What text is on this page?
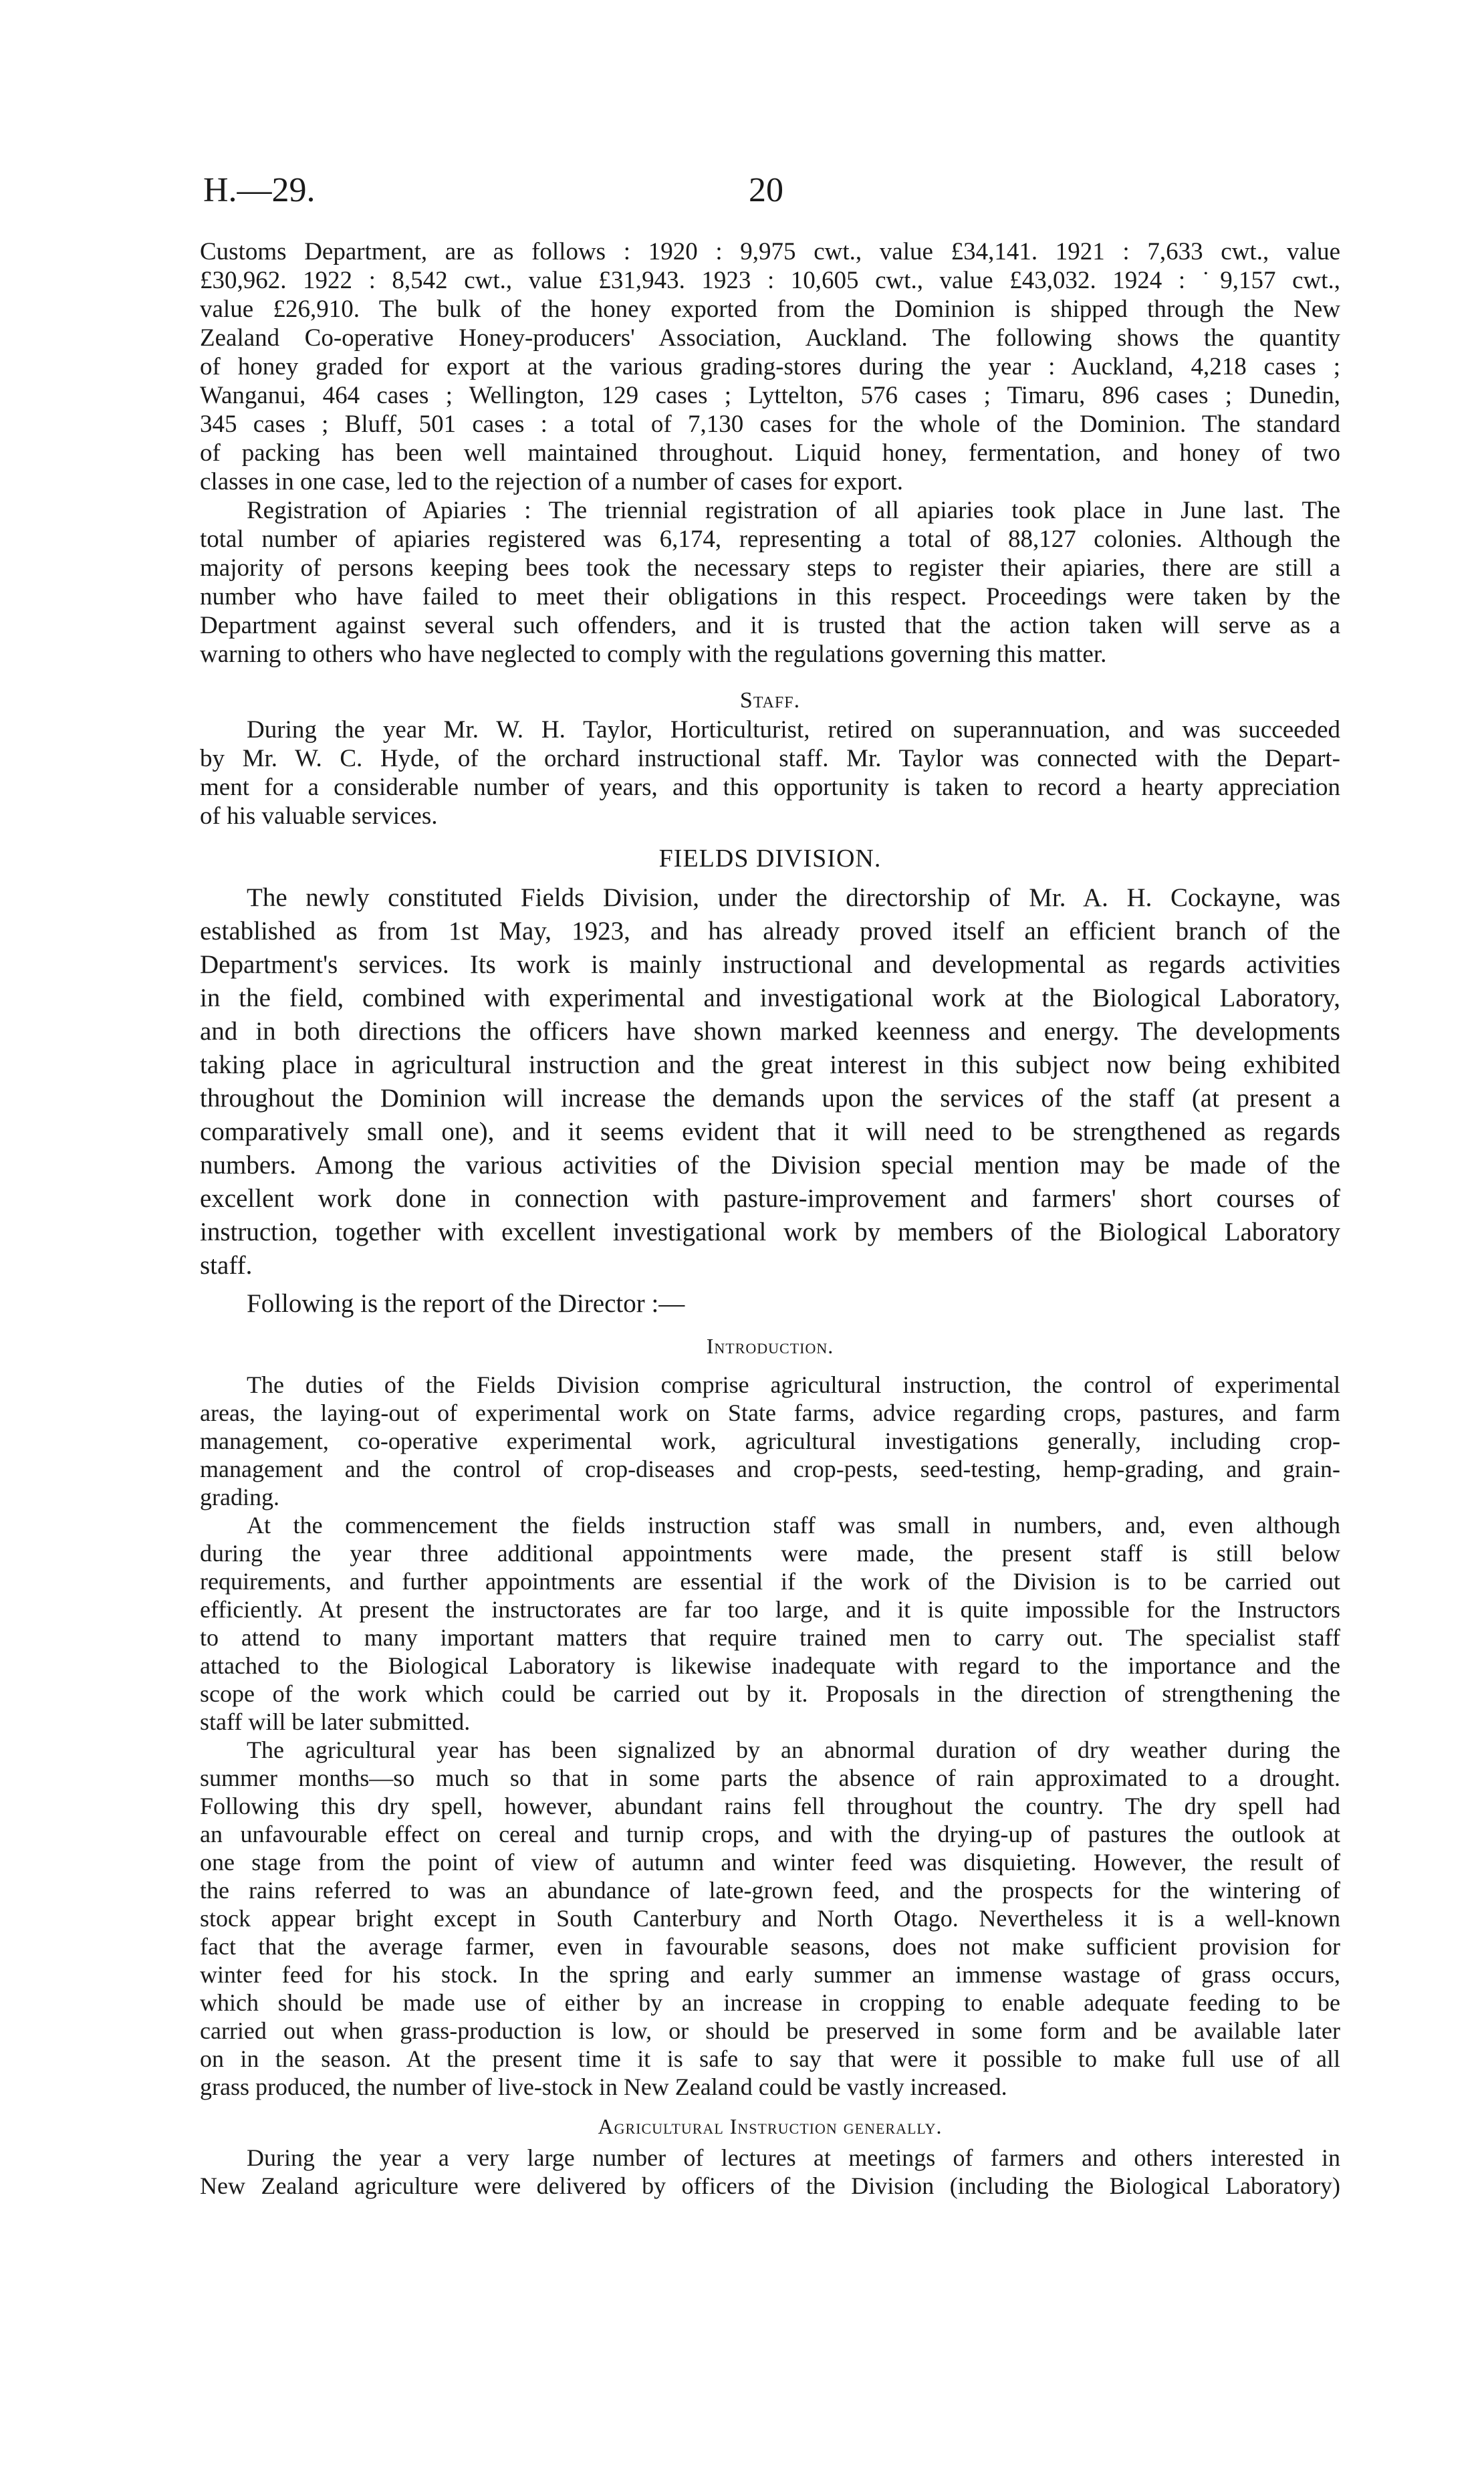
H.—29.	20
Customs Department, are as follows : 1920 : 9,975 cwt., value £34,141. 1921 : 7,633 cwt., value
£30,962. 1922 : 8,542 cwt., value £31,943. 1923 : 10,605 cwt., value £43,032. 1924 : ˙9,157 cwt.,
value £26,910. The bulk of the honey exported from the Dominion is shipped through the New
Zealand Co-operative Honey-producers' Association, Auckland. The following shows the quantity
of honey graded for export at the various grading-stores during the year : Auckland, 4,218 cases ;
Wanganui, 464 cases ; Wellington, 129 cases ; Lyttelton, 576 cases ; Timaru, 896 cases ; Dunedin,
345 cases ; Bluff, 501 cases : a total of 7,130 cases for the whole of the Dominion. The standard
of packing has been well maintained throughout. Liquid honey, fermentation, and honey of two
classes in one case, led to the rejection of a number of cases for export.
Registration of Apiaries : The triennial registration of all apiaries took place in June last. The
total number of apiaries registered was 6,174, representing a total of 88,127 colonies. Although the
majority of persons keeping bees took the necessary steps to register their apiaries, there are still a
number who have failed to meet their obligations in this respect. Proceedings were taken by the
Department against several such offenders, and it is trusted that the action taken will serve as a
warning to others who have neglected to comply with the regulations governing this matter.
Staff.
During the year Mr. W. H. Taylor, Horticulturist, retired on superannuation, and was succeeded
by Mr. W. C. Hyde, of the orchard instructional staff. Mr. Taylor was connected with the Depart-
ment for a considerable number of years, and this opportunity is taken to record a hearty appreciation
of his valuable services.
FIELDS DIVISION.
The newly constituted Fields Division, under the directorship of Mr. A. H. Cockayne, was
established as from 1st May, 1923, and has already proved itself an efficient branch of the
Department's services. Its work is mainly instructional and developmental as regards activities
in the field, combined with experimental and investigational work at the Biological Laboratory,
and in both directions the officers have shown marked keenness and energy. The developments
taking place in agricultural instruction and the great interest in this subject now being exhibited
throughout the Dominion will increase the demands upon the services of the staff (at present a
comparatively small one), and it seems evident that it will need to be strengthened as regards
numbers. Among the various activities of the Division special mention may be made of the
excellent work done in connection with pasture-improvement and farmers' short courses of
instruction, together with excellent investigational work by members of the Biological Laboratory
staff.
Following is the report of the Director :—
Introduction.
The duties of the Fields Division comprise agricultural instruction, the control of experimental
areas, the laying-out of experimental work on State farms, advice regarding crops, pastures, and farm
management, co-operative experimental work, agricultural investigations generally, including crop-
management and the control of crop-diseases and crop-pests, seed-testing, hemp-grading, and grain-
grading.
At the commencement the fields instruction staff was small in numbers, and, even although
during the year three additional appointments were made, the present staff is still below
requirements, and further appointments are essential if the work of the Division is to be carried out
efficiently. At present the instructorates are far too large, and it is quite impossible for the Instructors
to attend to many important matters that require trained men to carry out. The specialist staff
attached to the Biological Laboratory is likewise inadequate with regard to the importance and the
scope of the work which could be carried out by it. Proposals in the direction of strengthening the
staff will be later submitted.
The agricultural year has been signalized by an abnormal duration of dry weather during the
summer months—so much so that in some parts the absence of rain approximated to a drought.
Following this dry spell, however, abundant rains fell throughout the country. The dry spell had
an unfavourable effect on cereal and turnip crops, and with the drying-up of pastures the outlook at
one stage from the point of view of autumn and winter feed was disquieting. However, the result of
the rains referred to was an abundance of late-grown feed, and the prospects for the wintering of
stock appear bright except in South Canterbury and North Otago. Nevertheless it is a well-known
fact that the average farmer, even in favourable seasons, does not make sufficient provision for
winter feed for his stock. In the spring and early summer an immense wastage of grass occurs,
which should be made use of either by an increase in cropping to enable adequate feeding to be
carried out when grass-production is low, or should be preserved in some form and be available later
on in the season. At the present time it is safe to say that were it possible to make full use of all
grass produced, the number of live-stock in New Zealand could be vastly increased.
Agricultural Instruction generally.
During the year a very large number of lectures at meetings of farmers and others interested in
New Zealand agriculture were delivered by officers of the Division (including the Biological Laboratory)
